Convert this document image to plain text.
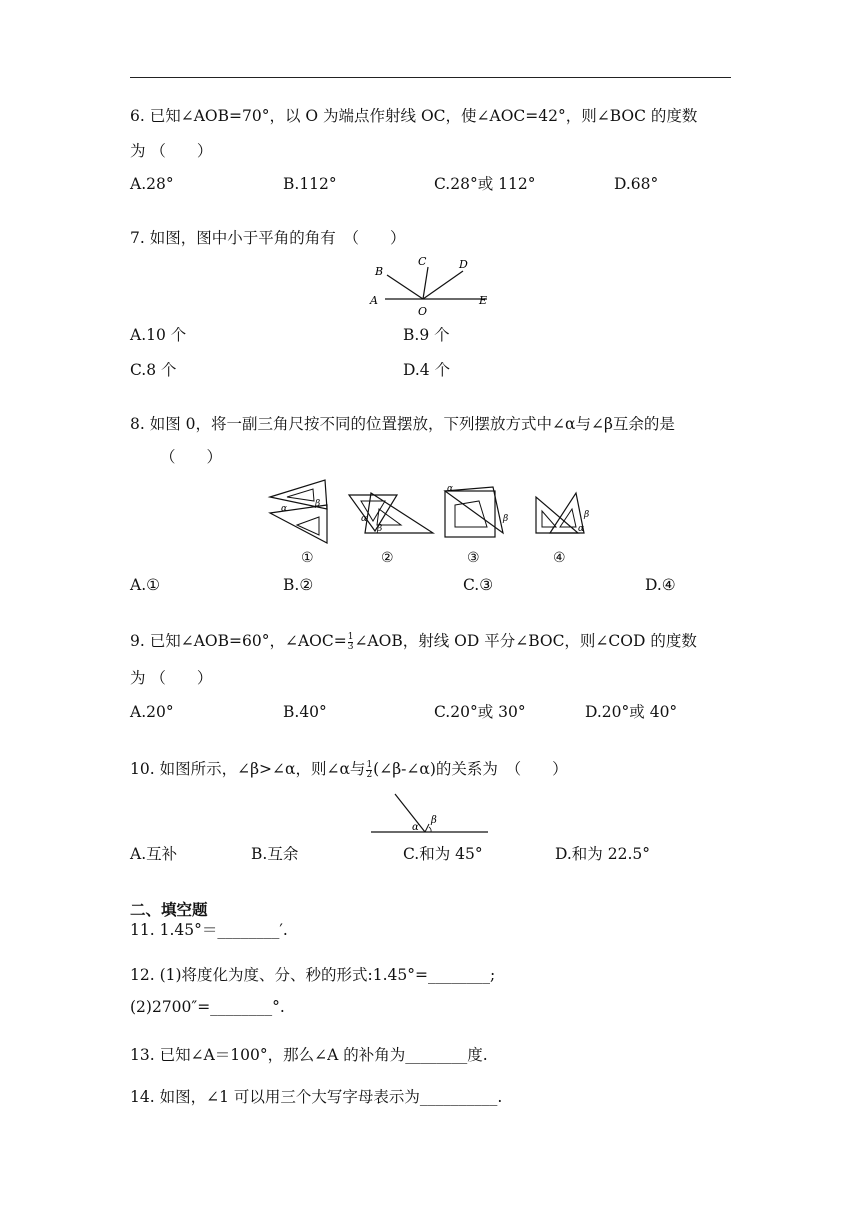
6. 已知∠AOB=70°，以 O 为端点作射线 OC，使∠AOC=42°，则∠BOC 的度数
为 （　　）
A.28°	B.112°	C.28°或 112°	D.68°
7. 如图，图中小于平角的角有　（　　）
B
C	D
A
O
E
A.10 个	B.9 个
C.8 个	D.4 个
8. 如图 0，将一副三角尺按不同的位置摆放，下列摆放方式中∠α与∠β互余的是
（　　）
α	β
α
β
α
β	β
α
①	②	③	④
A.①	B.②	C.③	D.④
9. 已知∠AOB=60°，∠AOC= $\frac{1}{3}$ ∠AOB，射线 OD 平分∠BOC，则∠COD 的度数
为 （　　）
A.20°	B.40°	C.20°或 30°	D.20°或 40°
10. 如图所示，∠β>∠α，则∠α与 $\frac{1}{2}$ (∠β-∠α)的关系为　（　　）
α
β
A.互补	B.互余	C.和为 45°	D.和为 22.5°
二、填空题
11. 1.45°＝________′.
12. (1)将度化为度、分、秒的形式:1.45°=________;
(2)2700″=________°.
13. 已知∠A＝100°，那么∠A 的补角为________度.
14. 如图，∠1 可以用三个大写字母表示为__________.
